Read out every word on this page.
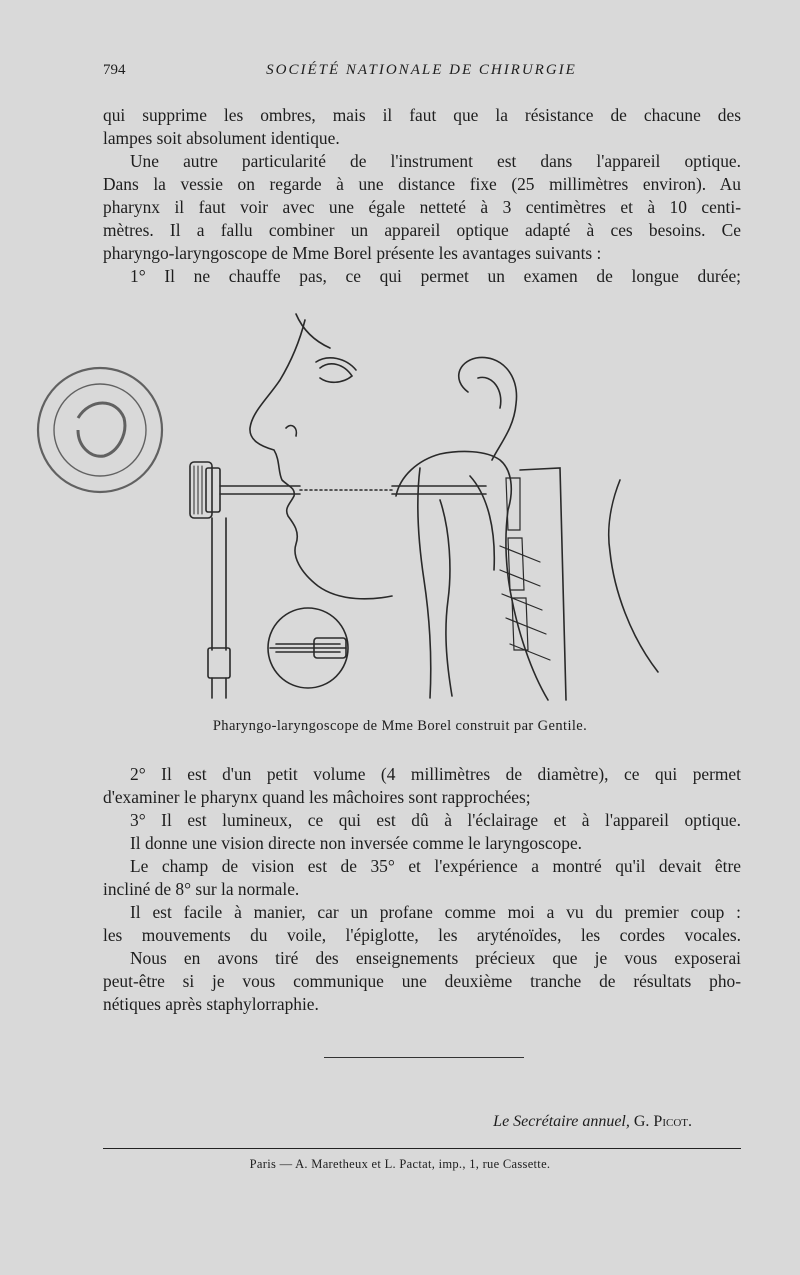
794	SOCIÉTÉ NATIONALE DE CHIRURGIE
qui supprime les ombres, mais il faut que la résistance de chacune des
lampes soit absolument identique.
Une autre particularité de l'instrument est dans l'appareil optique.
Dans la vessie on regarde à une distance fixe (25 millimètres environ). Au
pharynx il faut voir avec une égale netteté à 3 centimètres et à 10 centi-
mètres. Il a fallu combiner un appareil optique adapté à ces besoins. Ce
pharyngo-laryngoscope de Mme Borel présente les avantages suivants :
1° Il ne chauffe pas, ce qui permet un examen de longue durée;
Pharyngo-laryngoscope de Mme Borel construit par Gentile.
2° Il est d'un petit volume (4 millimètres de diamètre), ce qui permet
d'examiner le pharynx quand les mâchoires sont rapprochées;
3° Il est lumineux, ce qui est dû à l'éclairage et à l'appareil optique.
Il donne une vision directe non inversée comme le laryngoscope.
Le champ de vision est de 35° et l'expérience a montré qu'il devait être
incliné de 8° sur la normale.
Il est facile à manier, car un profane comme moi a vu du premier coup :
les mouvements du voile, l'épiglotte, les aryténoïdes, les cordes vocales.
Nous en avons tiré des enseignements précieux que je vous exposerai
peut-être si je vous communique une deuxième tranche de résultats pho-
nétiques après staphylorraphie.
Le Secrétaire annuel, G. Picot.
Paris — A. Maretheux et L. Pactat, imp., 1, rue Cassette.
